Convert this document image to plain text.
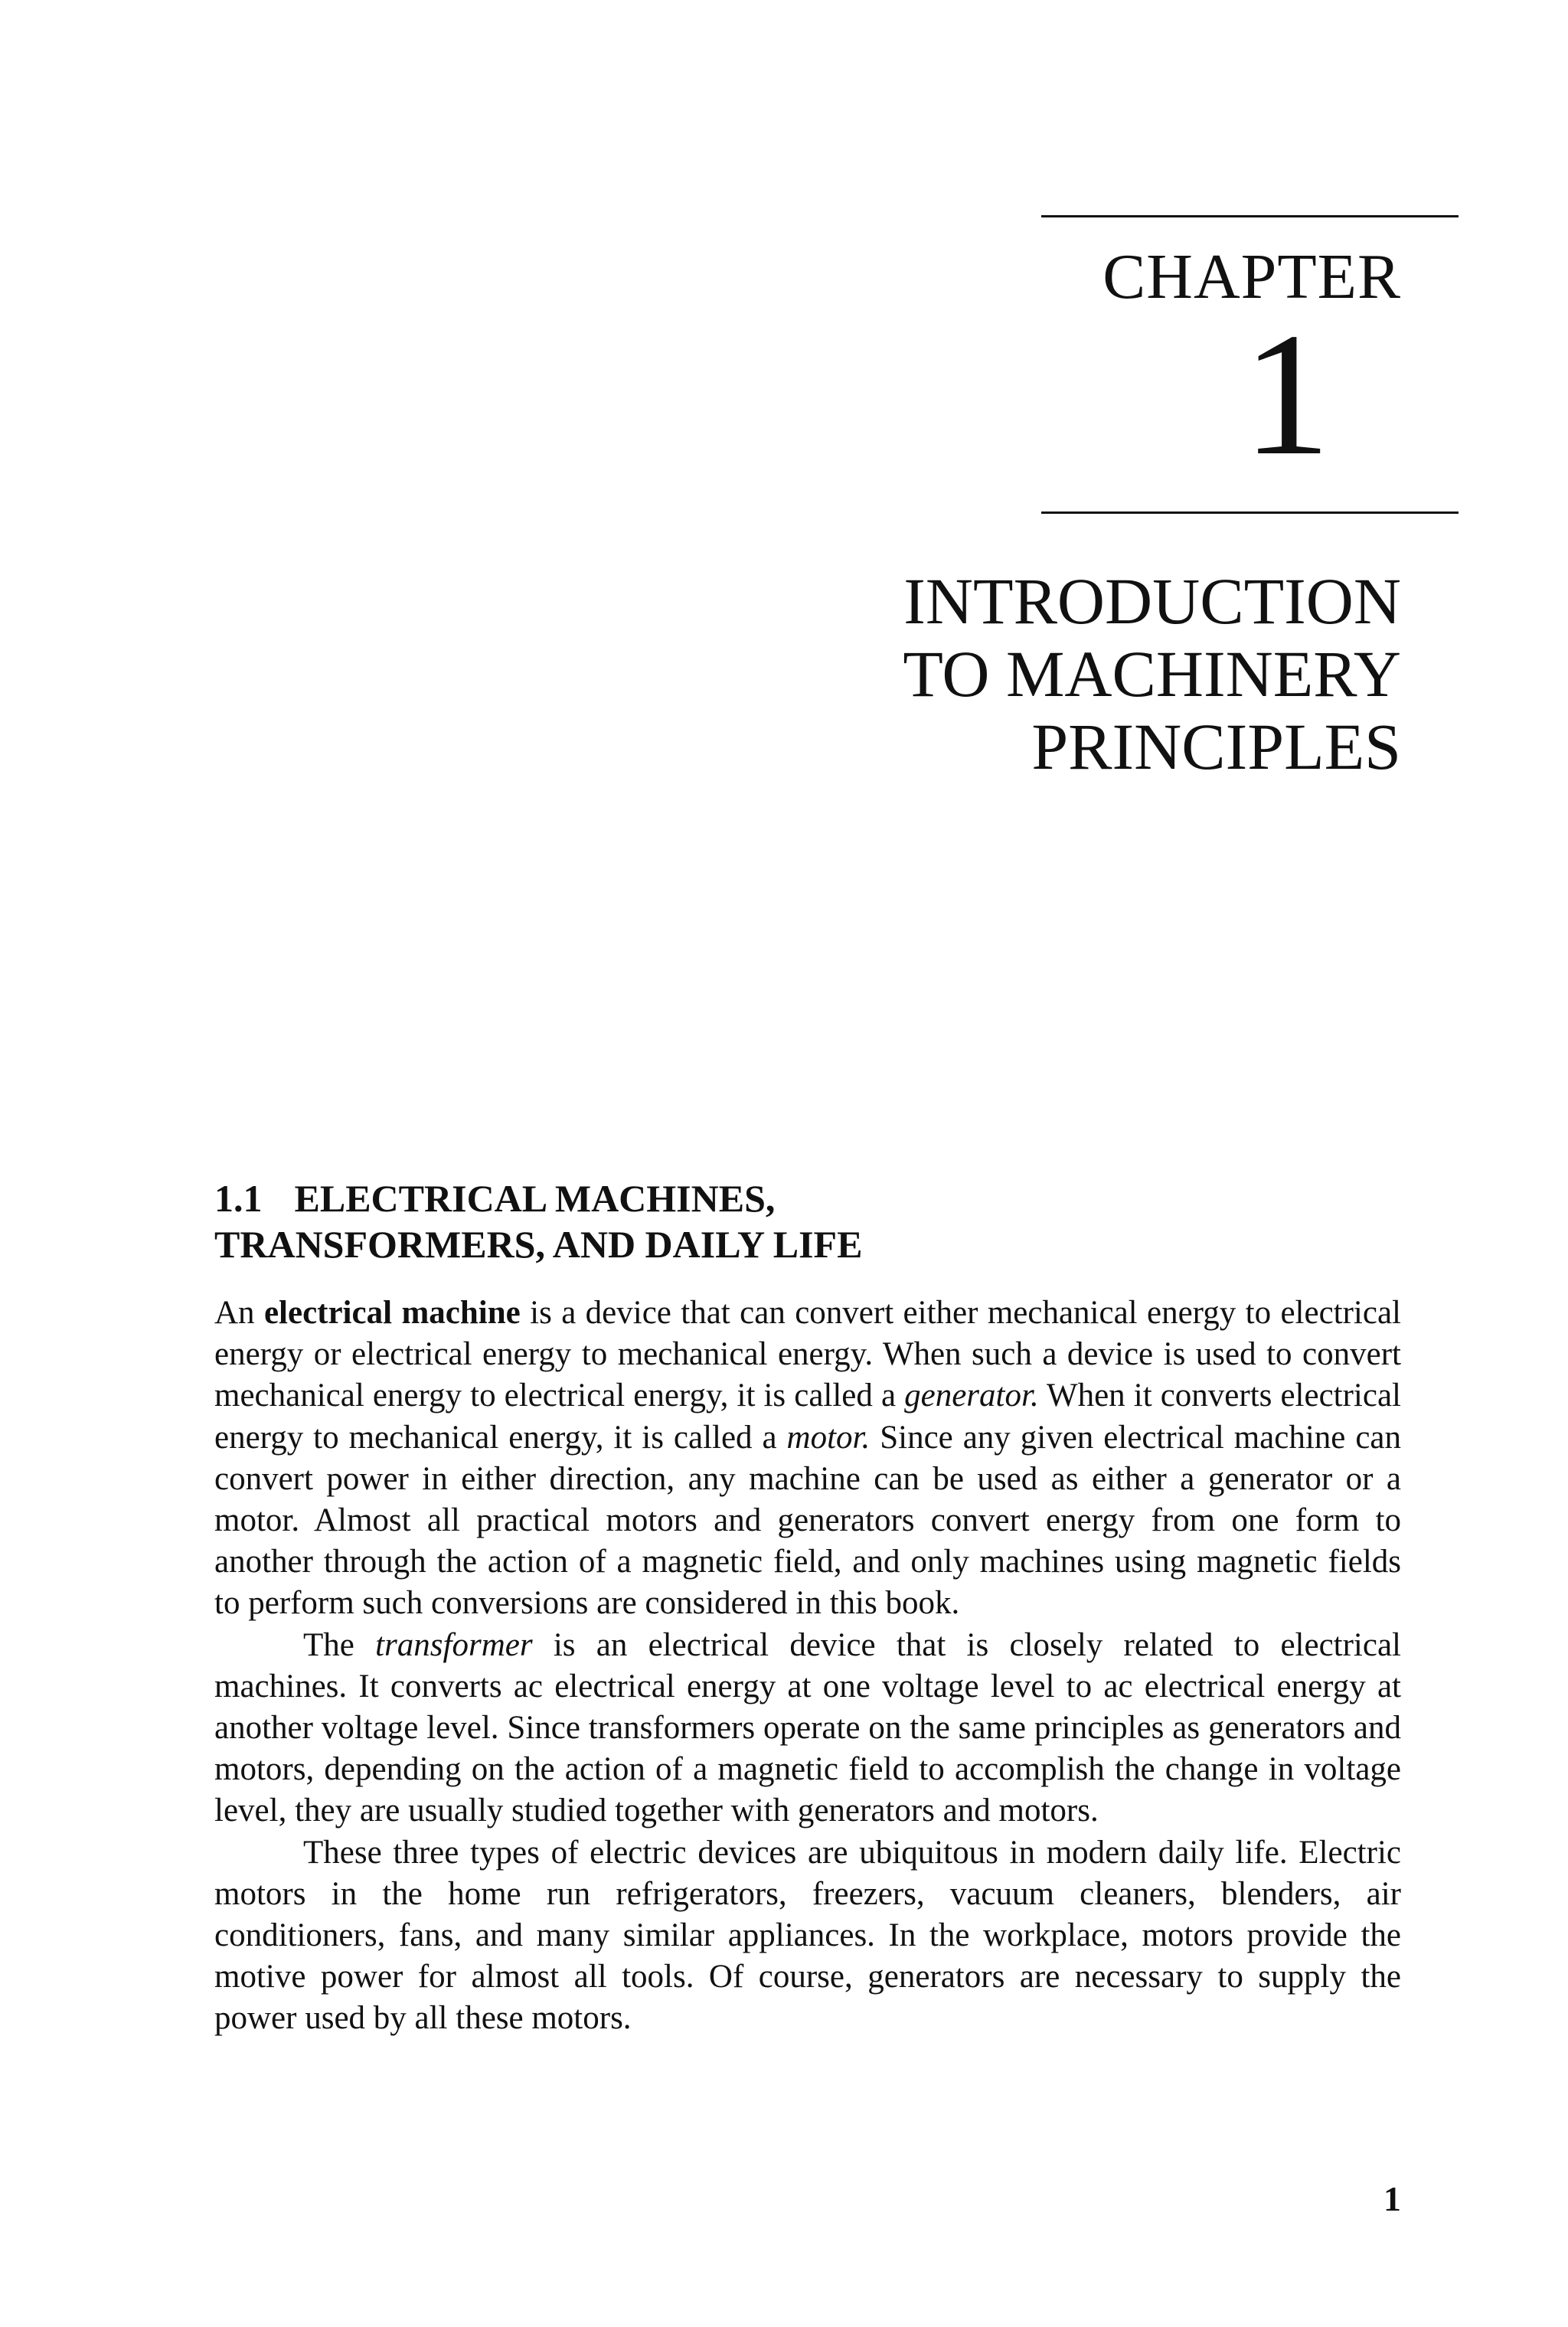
CHAPTER
1
INTRODUCTION
TO MACHINERY
PRINCIPLES
1.1 ELECTRICAL MACHINES,
TRANSFORMERS, AND DAILY LIFE

An electrical machine is a device that can convert either mechanical energy to electrical energy or electrical energy to mechanical energy. When such a device is used to convert mechanical energy to electrical energy, it is called a generator. When it converts electrical energy to mechanical energy, it is called a motor. Since any given electrical machine can convert power in either direction, any machine can be used as either a generator or a motor. Almost all practical motors and generators convert energy from one form to another through the action of a magnetic field, and only machines using magnetic fields to perform such conversions are considered in this book.

The transformer is an electrical device that is closely related to electrical machines. It converts ac electrical energy at one voltage level to ac electrical energy at another voltage level. Since transformers operate on the same principles as generators and motors, depending on the action of a magnetic field to accomplish the change in voltage level, they are usually studied together with generators and motors.

These three types of electric devices are ubiquitous in modern daily life. Electric motors in the home run refrigerators, freezers, vacuum cleaners, blenders, air conditioners, fans, and many similar appliances. In the workplace, motors provide the motive power for almost all tools. Of course, generators are necessary to supply the power used by all these motors.

1
